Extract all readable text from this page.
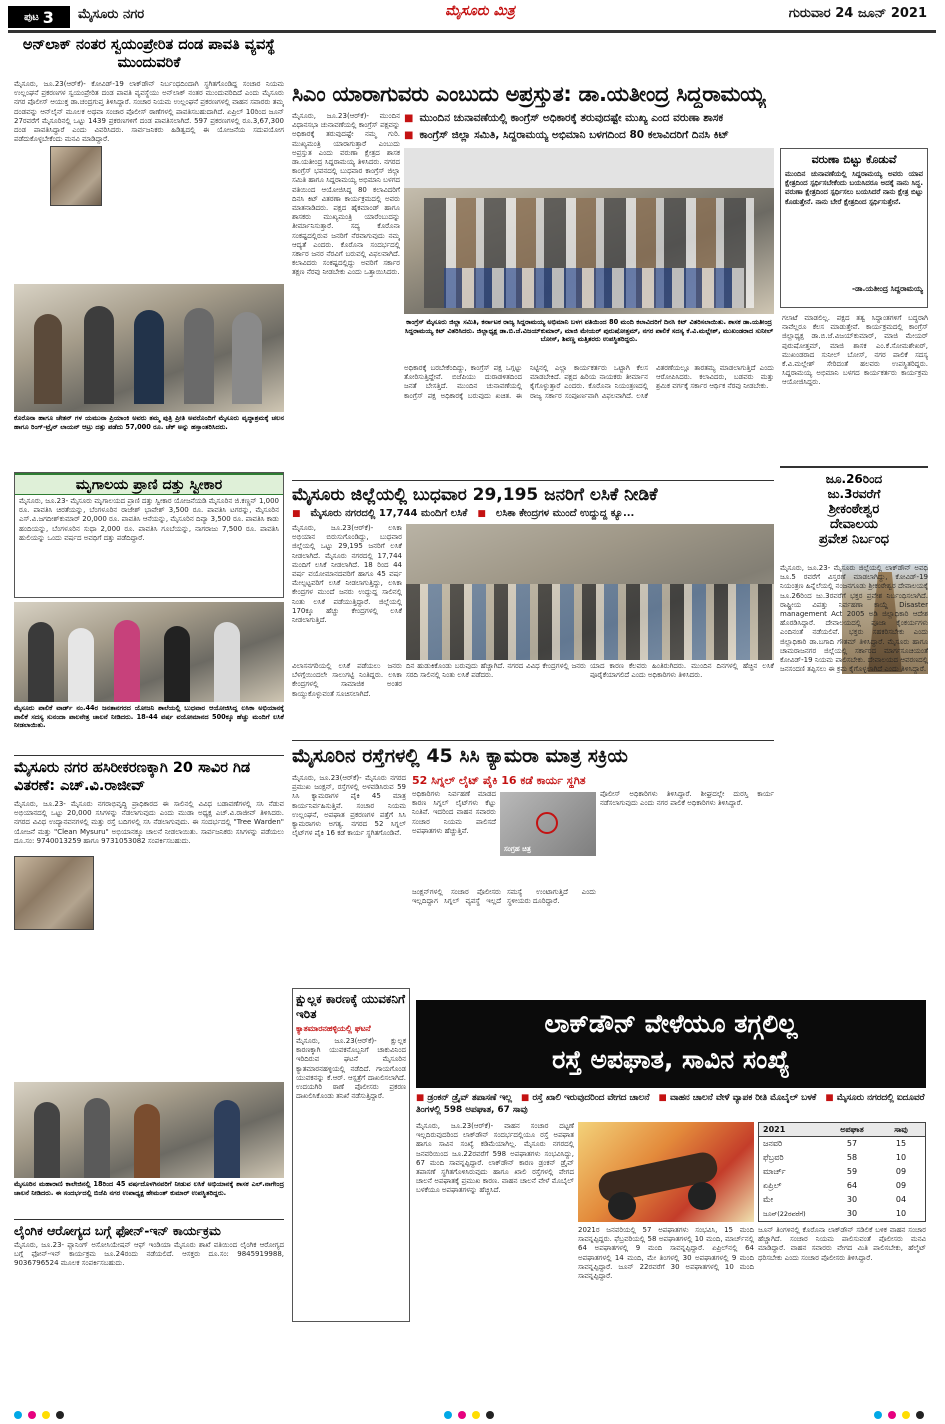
ಪುಟ 3 ಮೈಸೂರು ನಗರ	ಮೈಸೂರು ಮಿತ್ರ	ಗುರುವಾರ 24 ಜೂನ್ 2021
ಅನ್‌ಲಾಕ್ ನಂತರ ಸ್ವಯಂಪ್ರೇರಿತ ದಂಡ ಪಾವತಿ ವ್ಯವಸ್ಥೆ ಮುಂದುವರಿಕೆ
ಮೈಸೂರು, ಜೂ.23(ಆರ್‌ಕೆ)- ಕೋವಿಡ್-19 ಲಾಕ್‌ಡೌನ್ ನಿರ್ಬಂಧದಿಂದಾಗಿ ಸ್ಥಗಿತಗೊಂಡಿದ್ದ ಸಂಚಾರ ನಿಯಮ ಉಲ್ಲಂಘನೆ ಪ್ರಕರಣಗಳ ಸ್ವಯಂಪ್ರೇರಿತ ದಂಡ ಪಾವತಿ ವ್ಯವಸ್ಥೆಯು ಅನ್‌ಲಾಕ್ ನಂತರ ಮುಂದುವರಿದಿದೆ ಎಂದು ಮೈಸೂರು ನಗರ ಪೊಲೀಸ್ ಆಯುಕ್ತ ಡಾ.ಚಂದ್ರಗುಪ್ತ ತಿಳಿಸಿದ್ದಾರೆ. ಸಂಚಾರ ನಿಯಮ ಉಲ್ಲಂಘನೆ ಪ್ರಕರಣಗಳಲ್ಲಿ ವಾಹನ ಸವಾರರು ತಮ್ಮ ದಂಡವನ್ನು ಆನ್‌ಲೈನ್ ಮೂಲಕ ಅಥವಾ ಸಂಚಾರ ಪೊಲೀಸ್ ಠಾಣೆಗಳಲ್ಲಿ ಪಾವತಿಸಬಹುದಾಗಿದೆ. ಏಪ್ರಿಲ್ 10ರಿಂದ ಜೂನ್ 27ರವರೆಗೆ ಮೈಸೂರಿನಲ್ಲಿ ಒಟ್ಟು 1439 ಪ್ರಕರಣಗಳಿಗೆ ದಂಡ ಪಾವತಿಸಲಾಗಿದೆ. 597 ಪ್ರಕರಣಗಳಲ್ಲಿ ರೂ.3,67,300 ದಂಡ ಪಾವತಿಸಿದ್ದಾರೆ ಎಂದು ವಿವರಿಸಿದರು. ಸಾರ್ವಜನಿಕರು ಹಿಡಿತ್ವದಲ್ಲಿ ಈ ಯೋಜನೆಯ ಸದುಪಯೋಗ ಪಡೆದುಕೊಳ್ಳಬೇಕೆಂದು ಮನವಿ ಮಾಡಿದ್ದಾರೆ.
ಕೊರೊನಾ ಹಾಗೂ ಚೇತನ್ ಗಳ ಯಮುನಾ ಪ್ರಿಯಾಂಕಿ ಅವರು ತಮ್ಮ ಪುತ್ರಿ ಪ್ರೀತಿ ಅವರೊಂದಿಗೆ ಮೈಸೂರು ವೃದ್ಧಾಶ್ರಮಕ್ಕೆ ಚಲನ ಹಾಗೂ ರಿಂಗ್-ಟ್ರೈನ್ ಲಾಯನ್ ಆಟ್ರು ದತ್ತು ಪಡೆದು 57,000 ರೂ. ಚೆಕ್ ಅನ್ನು ಹಸ್ತಾಂತರಿಸಿದರು.
ಮೃಗಾಲಯ ಪ್ರಾಣಿ ದತ್ತು ಸ್ವೀಕಾರ
ಮೈಸೂರು, ಜೂ.23- ಮೈಸೂರು ಮೃಗಾಲಯದ ಪ್ರಾಣಿ ದತ್ತು ಸ್ವೀಕಾರ ಯೋಜನೆಯಡಿ ಮೈಸೂರಿನ ಜಿ.ಕಣ್ಣನ್ 1,000 ರೂ. ಪಾವತಿಸಿ ಚಿರತೆಯನ್ನು, ಬೆಂಗಳೂರಿನ ರಾಜೇಶ್ ಭಾವೇಶ್ 3,500 ರೂ. ಪಾವತಿಸಿ ಟಗರನ್ನು, ಮೈಸೂರಿನ ಎಸ್.ವಿ.ಜಗದೀಶ್‌ಕುಮಾರ್ 20,000 ರೂ. ಪಾವತಿಸಿ ಆನೆಯನ್ನು, ಮೈಸೂರಿನ ದಿವ್ಯಾ 3,500 ರೂ. ಪಾವತಿಸಿ ಕಾಡು ಹಂದಿಯನ್ನು, ಬೆಂಗಳೂರಿನ ಸುಧಾ 2,000 ರೂ. ಪಾವತಿಸಿ ಗೂಬೆಯನ್ನು, ನಾಗರಾಜು 7,500 ರೂ. ಪಾವತಿಸಿ ಹುಲಿಯನ್ನು ಒಂದು ವರ್ಷದ ಅವಧಿಗೆ ದತ್ತು ಪಡೆದಿದ್ದಾರೆ.
ಮೈಸೂರು ಪಾಲಿಕೆ ವಾರ್ಡ್ ನಂ.44ರ ಜನತಾನಗರದ ಯೋಜನಿ ಶಾಲೆಯಲ್ಲಿ ಬುಧವಾರ ಆಯೋಜಿಸಿದ್ದ ಲಸಿಕಾ ಅಭಿಯಾನಕ್ಕೆ ಪಾಲಿಕೆ ಸದಸ್ಯ ಸುನಂದಾ ಪಾಲನೇತ್ರ ಚಾಲನೆ ನೀಡಿದರು. 18-44 ವರ್ಷ ವಯೋಮಾನದ 500ಕ್ಕೂ ಹೆಚ್ಚು ಮಂದಿಗೆ ಲಸಿಕೆ ನೀಡಲಾಯಿತು.
ಮೈಸೂರು ನಗರ ಹಸಿರೀಕರಣಕ್ಕಾಗಿ 20 ಸಾವಿರ ಗಿಡ ವಿತರಣೆ: ಎಚ್.ವಿ.ರಾಜೀವ್
ಮೈಸೂರು, ಜೂ.23- ಮೈಸೂರು ನಗರಾಭಿವೃದ್ಧಿ ಪ್ರಾಧಿಕಾರದ ಈ ಸಾಲಿನಲ್ಲಿ ವಿವಿಧ ಬಡಾವಣೆಗಳಲ್ಲಿ ಸಸಿ ನೆಡುವ ಅಭಿಯಾನದಲ್ಲಿ ಒಟ್ಟು 20,000 ಸಸಿಗಳನ್ನು ನೆಡಲಾಗುವುದು ಎಂದು ಮುಡಾ ಅಧ್ಯಕ್ಷ ಎಚ್.ವಿ.ರಾಜೀವ್ ತಿಳಿಸಿದರು. ನಗರದ ವಿವಿಧ ಉದ್ಯಾನವನಗಳಲ್ಲಿ ಮತ್ತು ರಸ್ತೆ ಬದಿಗಳಲ್ಲಿ ಸಸಿ ನೆಡಲಾಗುವುದು. ಈ ಸಂದರ್ಭದಲ್ಲಿ "Tree Warden" ಯೋಜನೆ ಮತ್ತು "Clean Mysuru" ಅಭಿಯಾನಕ್ಕೂ ಚಾಲನೆ ನೀಡಲಾಯಿತು. ಸಾರ್ವಜನಿಕರು ಸಸಿಗಳನ್ನು ಪಡೆಯಲು ದೂ.ಸಂ: 9740013259 ಹಾಗೂ 9731053082 ಸಂಪರ್ಕಿಸಬಹುದು.
ಮೈಸೂರಿನ ಮಹಾರಾಣಿ ಕಾಲೇಜಿನಲ್ಲಿ 18ರಿಂದ 45 ವರ್ಷದೊಳಗಿನವರಿಗೆ ನೀಡುವ ಲಸಿಕೆ ಅಭಿಯಾನಕ್ಕೆ ಶಾಸಕ ಎಲ್.ನಾಗೇಂದ್ರ ಚಾಲನೆ ನೀಡಿದರು. ಈ ಸಂದರ್ಭದಲ್ಲಿ ಬಿಜೆಪಿ ನಗರ ಉಪಾಧ್ಯಕ್ಷ ಹೇಮಂತ್ ಕುಮಾರ್ ಉಪಸ್ಥಿತರಿದ್ದರು.
ಲೈಂಗಿಕ ಆರೋಗ್ಯದ ಬಗ್ಗೆ ಫೋನ್-ಇನ್ ಕಾರ್ಯಕ್ರಮ
ಮೈಸೂರು, ಜೂ.23- ಪ್ಲಾನಿಂಗ್ ಅಸೋಸಿಯೇಷನ್ ಆಫ್ ಇಂಡಿಯಾ ಮೈಸೂರು ಶಾಖೆ ವತಿಯಿಂದ ಲೈಂಗಿಕ ಆರೋಗ್ಯದ ಬಗ್ಗೆ ಫೋನ್-ಇನ್ ಕಾರ್ಯಕ್ರಮ ಜೂ.24ರಂದು ನಡೆಯಲಿದೆ. ಆಸಕ್ತರು ದೂ.ಸಂ: 9845919988, 9036796524 ಮೂಲಕ ಸಂಪರ್ಕಿಸಬಹುದು.
ಸಿಎಂ ಯಾರಾಗುವರು ಎಂಬುದು ಅಪ್ರಸ್ತುತ: ಡಾ.ಯತೀಂದ್ರ ಸಿದ್ದರಾಮಯ್ಯ
■ ಮುಂದಿನ ಚುನಾವಣೆಯಲ್ಲಿ ಕಾಂಗ್ರೆಸ್ ಅಧಿಕಾರಕ್ಕೆ ತರುವುದಷ್ಟೇ ಮುಖ್ಯ ಎಂದ ವರುಣಾ ಶಾಸಕ
■ ಕಾಂಗ್ರೆಸ್ ಜಿಲ್ಲಾ ಸಮಿತಿ, ಸಿದ್ದರಾಮಯ್ಯ ಅಭಿಮಾನಿ ಬಳಗದಿಂದ 80 ಕಲಾವಿದರಿಗೆ ದಿನಸಿ ಕಿಟ್
ಮೈಸೂರು, ಜೂ.23(ಆರ್‌ಕೆ)- ಮುಂದಿನ ವಿಧಾನಸಭಾ ಚುನಾವಣೆಯಲ್ಲಿ ಕಾಂಗ್ರೆಸ್ ಪಕ್ಷವನ್ನು ಅಧಿಕಾರಕ್ಕೆ ತರುವುದಷ್ಟೇ ನಮ್ಮ ಗುರಿ. ಮುಖ್ಯಮಂತ್ರಿ ಯಾರಾಗುತ್ತಾರೆ ಎಂಬುದು ಅಪ್ರಸ್ತುತ ಎಂದು ವರುಣಾ ಕ್ಷೇತ್ರದ ಶಾಸಕ ಡಾ.ಯತೀಂದ್ರ ಸಿದ್ದರಾಮಯ್ಯ ತಿಳಿಸಿದರು. ನಗರದ ಕಾಂಗ್ರೆಸ್ ಭವನದಲ್ಲಿ ಬುಧವಾರ ಕಾಂಗ್ರೆಸ್ ಜಿಲ್ಲಾ ಸಮಿತಿ ಹಾಗೂ ಸಿದ್ದರಾಮಯ್ಯ ಅಭಿಮಾನಿ ಬಳಗದ ವತಿಯಿಂದ ಆಯೋಜಿಸಿದ್ದ 80 ಕಲಾವಿದರಿಗೆ ದಿನಸಿ ಕಿಟ್ ವಿತರಣಾ ಕಾರ್ಯಕ್ರಮದಲ್ಲಿ ಅವರು ಮಾತನಾಡಿದರು. ಪಕ್ಷದ ಹೈಕಮಾಂಡ್ ಹಾಗೂ ಶಾಸಕರು ಮುಖ್ಯಮಂತ್ರಿ ಯಾರೆಂಬುದನ್ನು ತೀರ್ಮಾನಿಸುತ್ತಾರೆ. ಸದ್ಯ ಕೊರೊನಾ ಸಂಕಷ್ಟದಲ್ಲಿರುವ ಜನರಿಗೆ ನೆರವಾಗುವುದು ನಮ್ಮ ಆದ್ಯತೆ ಎಂದರು. ಕೊರೊನಾ ಸಂದರ್ಭದಲ್ಲಿ ಸರ್ಕಾರ ಜನರ ನೆರವಿಗೆ ಬರುವಲ್ಲಿ ವಿಫಲವಾಗಿದೆ. ಕಲಾವಿದರು ಸಂಕಷ್ಟದಲ್ಲಿದ್ದು ಅವರಿಗೆ ಸರ್ಕಾರ ತಕ್ಷಣ ನೆರವು ನೀಡಬೇಕು ಎಂದು ಒತ್ತಾಯಿಸಿದರು.
ಕಾಂಗ್ರೆಸ್ ಮೈಸೂರು ಜಿಲ್ಲಾ ಸಮಿತಿ, ಕರ್ನಾಟಕ ರಾಜ್ಯ ಸಿದ್ದರಾಮಯ್ಯ ಅಭಿಮಾನಿ ಬಳಗ ವತಿಯಿಂದ 80 ಮಂದಿ ಕಲಾವಿದರಿಗೆ ದಿನಸಿ ಕಿಟ್ ವಿತರಿಸಲಾಯಿತು. ಶಾಸಕ ಡಾ.ಯತೀಂದ್ರ ಸಿದ್ದರಾಮಯ್ಯ ಕಿಟ್ ವಿತರಿಸಿದರು. ಜಿಲ್ಲಾಧ್ಯಕ್ಷ ಡಾ.ಬಿ.ಜೆ.ವಿಜಯ್‌ಕುಮಾರ್, ಮಾಜಿ ಮೇಯರ್ ಪುರುಷೋತ್ತಮ್, ನಗರ ಪಾಲಿಕೆ ಸದಸ್ಯ ಕೆ.ವಿ.ಮಲ್ಲೇಶ್, ಮುಖಂಡರಾದ ಸುನೀಲ್ ಬೋಸ್, ಶಿವಣ್ಣ ಮತ್ತಿತರರು ಉಪಸ್ಥಿತರಿದ್ದರು.
ಅಧಿಕಾರಕ್ಕೆ ಬರಬೇಕೆಂದಿದ್ದು, ಕಾಂಗ್ರೆಸ್ ಪಕ್ಷ ಒಗ್ಗಟ್ಟು ತೋರಿಸುತ್ತಿದ್ದೇವೆ. ಬಿಜೆಪಿಯು ದುರಾಡಳಿತದಿಂದ ಜನತೆ ಬೇಸತ್ತಿದೆ. ಮುಂದಿನ ಚುನಾವಣೆಯಲ್ಲಿ ಕಾಂಗ್ರೆಸ್ ಪಕ್ಷ ಅಧಿಕಾರಕ್ಕೆ ಬರುವುದು ಖಚಿತ. ಈ ನಿಟ್ಟಿನಲ್ಲಿ ಎಲ್ಲಾ ಕಾರ್ಯಕರ್ತರು ಒಟ್ಟಾಗಿ ಕೆಲಸ ಮಾಡಬೇಕಿದೆ. ಪಕ್ಷದ ಹಿರಿಯ ನಾಯಕರು ತೀರ್ಮಾನ ಕೈಗೊಳ್ಳುತ್ತಾರೆ ಎಂದರು. ಕೊರೊನಾ ನಿಯಂತ್ರಣದಲ್ಲಿ ರಾಜ್ಯ ಸರ್ಕಾರ ಸಂಪೂರ್ಣವಾಗಿ ವಿಫಲವಾಗಿದೆ. ಲಸಿಕೆ ವಿತರಣೆಯಲ್ಲೂ ತಾರತಮ್ಯ ಮಾಡಲಾಗುತ್ತಿದೆ ಎಂದು ಆರೋಪಿಸಿದರು. ಕಲಾವಿದರು, ಬಡವರು ಮತ್ತು ಶ್ರಮಿಕ ವರ್ಗಕ್ಕೆ ಸರ್ಕಾರ ಆರ್ಥಿಕ ನೆರವು ನೀಡಬೇಕು.
ವರುಣಾ ಬಿಟ್ಟು ಕೊಡುವೆ
ಮುಂದಿನ ಚುನಾವಣೆಯಲ್ಲಿ ಸಿದ್ದರಾಮಯ್ಯ ಅವರು ಯಾವ ಕ್ಷೇತ್ರದಿಂದ ಸ್ಪರ್ಧಿಸಬೇಕೆಂದು ಬಯಸಿದರೂ ಅದಕ್ಕೆ ನಾನು ಸಿದ್ಧ. ವರುಣಾ ಕ್ಷೇತ್ರದಿಂದ ಸ್ಪರ್ಧಿಸಲು ಬಯಸಿದರೆ ನಾನು ಕ್ಷೇತ್ರ ಬಿಟ್ಟು ಕೊಡುತ್ತೇನೆ. ನಾನು ಬೇರೆ ಕ್ಷೇತ್ರದಿಂದ ಸ್ಪರ್ಧಿಸುತ್ತೇನೆ.
-ಡಾ.ಯತೀಂದ್ರ ಸಿದ್ದರಾಮಯ್ಯ
ಗಲಾಟೆ ಮಾಡಲಿಲ್ಲ. ಪಕ್ಷದ ತತ್ವ ಸಿದ್ಧಾಂತಗಳಿಗೆ ಬದ್ಧರಾಗಿ ನಾವೆಲ್ಲರೂ ಕೆಲಸ ಮಾಡುತ್ತೇವೆ. ಕಾರ್ಯಕ್ರಮದಲ್ಲಿ ಕಾಂಗ್ರೆಸ್ ಜಿಲ್ಲಾಧ್ಯಕ್ಷ ಡಾ.ಬಿ.ಜೆ.ವಿಜಯ್‌ಕುಮಾರ್, ಮಾಜಿ ಮೇಯರ್ ಪುರುಷೋತ್ತಮ್, ಮಾಜಿ ಶಾಸಕ ಎಂ.ಕೆ.ಸೋಮಶೇಖರ್, ಮುಖಂಡರಾದ ಸುನೀಲ್ ಬೋಸ್, ನಗರ ಪಾಲಿಕೆ ಸದಸ್ಯ ಕೆ.ವಿ.ಮಲ್ಲೇಶ್ ಸೇರಿದಂತೆ ಹಲವರು ಉಪಸ್ಥಿತರಿದ್ದರು. ಸಿದ್ದರಾಮಯ್ಯ ಅಭಿಮಾನಿ ಬಳಗದ ಕಾರ್ಯಕರ್ತರು ಕಾರ್ಯಕ್ರಮ ಆಯೋಜಿಸಿದ್ದರು.
ಮೈಸೂರು ಜಿಲ್ಲೆಯಲ್ಲಿ ಬುಧವಾರ 29,195 ಜನರಿಗೆ ಲಸಿಕೆ ನೀಡಿಕೆ
■ ಮೈಸೂರು ನಗರದಲ್ಲಿ 17,744 ಮಂದಿಗೆ ಲಸಿಕೆ ■ ಲಸಿಕಾ ಕೇಂದ್ರಗಳ ಮುಂದೆ ಉದ್ದುದ್ದ ಕ್ಯೂ...
ಮೈಸೂರು, ಜೂ.23(ಆರ್‌ಕೆ)- ಲಸಿಕಾ ಅಭಿಯಾನ ಬಿರುಸುಗೊಂಡಿದ್ದು, ಬುಧವಾರ ಜಿಲ್ಲೆಯಲ್ಲಿ ಒಟ್ಟು 29,195 ಜನರಿಗೆ ಲಸಿಕೆ ನೀಡಲಾಗಿದೆ. ಮೈಸೂರು ನಗರದಲ್ಲಿ 17,744 ಮಂದಿಗೆ ಲಸಿಕೆ ನೀಡಲಾಗಿದೆ. 18 ರಿಂದ 44 ವರ್ಷ ವಯೋಮಾನದವರಿಗೆ ಹಾಗೂ 45 ವರ್ಷ ಮೇಲ್ಪಟ್ಟವರಿಗೆ ಲಸಿಕೆ ನೀಡಲಾಗುತ್ತಿದ್ದು, ಲಸಿಕಾ ಕೇಂದ್ರಗಳ ಮುಂದೆ ಜನರು ಉದ್ದುದ್ದ ಸಾಲಿನಲ್ಲಿ ನಿಂತು ಲಸಿಕೆ ಪಡೆಯುತ್ತಿದ್ದಾರೆ. ಜಿಲ್ಲೆಯಲ್ಲಿ 170ಕ್ಕೂ ಹೆಚ್ಚು ಕೇಂದ್ರಗಳಲ್ಲಿ ಲಸಿಕೆ ನೀಡಲಾಗುತ್ತಿದೆ.
ವಿಲಾಸನಗರಿಯಲ್ಲಿ ಲಸಿಕೆ ಪಡೆಯಲು ಜನರು ಬೆಳಗ್ಗೆಯಿಂದಲೇ ಸಾಲುಗಟ್ಟಿ ನಿಂತಿದ್ದರು. ಲಸಿಕಾ ಕೇಂದ್ರಗಳಲ್ಲಿ ಸಾಮಾಜಿಕ ಅಂತರ ಕಾಯ್ದುಕೊಳ್ಳುವಂತೆ ಸೂಚಿಸಲಾಗಿದೆ.
ದಿನ ಹುಡುಕಿಕೊಂಡು ಬರುವುದು ಹೆಚ್ಚಾಗಿದೆ. ನಗರದ ವಿವಿಧ ಕೇಂದ್ರಗಳಲ್ಲಿ ಜನರು ಸರದಿ ಸಾಲಿನಲ್ಲಿ ನಿಂತು ಲಸಿಕೆ ಪಡೆದರು.
ಯಾದ ಕಾರಣ ಕೆಲವರು ಹಿಂತಿರುಗಿದರು. ಮುಂದಿನ ದಿನಗಳಲ್ಲಿ ಹೆಚ್ಚಿನ ಲಸಿಕೆ ಪೂರೈಕೆಯಾಗಲಿದೆ ಎಂದು ಅಧಿಕಾರಿಗಳು ತಿಳಿಸಿದರು.
ಜೂ.26ರಿಂದ
ಜು.3ರವರೆಗೆ
ಶ್ರೀಕಂಠೇಶ್ವರ
ದೇವಾಲಯ
ಪ್ರವೇಶ ನಿರ್ಬಂಧ
ಮೈಸೂರು, ಜೂ.23- ಮೈಸೂರು ಜಿಲ್ಲೆಯಲ್ಲಿ ಲಾಕ್‌ಡೌನ್ ಅವಧಿ ಜೂ.5 ರವರೆಗೆ ವಿಸ್ತರಣೆ ಮಾಡಲಾಗಿದ್ದು, ಕೋವಿಡ್-19 ನಿಯಂತ್ರಣ ಹಿನ್ನೆಲೆಯಲ್ಲಿ ನಂಜನಗೂಡು ಶ್ರೀಕಂಠೇಶ್ವರ ದೇವಾಲಯಕ್ಕೆ ಜೂ.26ರಿಂದ ಜು.3ರವರೆಗೆ ಭಕ್ತರ ಪ್ರವೇಶ ನಿರ್ಬಂಧಿಸಲಾಗಿದೆ. ರಾಷ್ಟ್ರೀಯ ವಿಪತ್ತು ನಿರ್ವಹಣಾ ಕಾಯ್ದೆ Disaster management Act 2005 ಅಡಿ ಜಿಲ್ಲಾಧಿಕಾರಿ ಆದೇಶ ಹೊರಡಿಸಿದ್ದಾರೆ. ದೇವಾಲಯದಲ್ಲಿ ಪೂಜಾ ಕೈಂಕರ್ಯಗಳು ಎಂದಿನಂತೆ ನಡೆಯಲಿವೆ. ಭಕ್ತರು ಸಹಕರಿಸಬೇಕು ಎಂದು ಜಿಲ್ಲಾಧಿಕಾರಿ ಡಾ.ಬಗಾದಿ ಗೌತಮ್ ತಿಳಿಸಿದ್ದಾರೆ. ಮೈಸೂರು ಹಾಗೂ ಚಾಮರಾಜನಗರ ಜಿಲ್ಲೆಯಲ್ಲಿ ಸರ್ಕಾರದ ಮಾರ್ಗಸೂಚಿಯಂತೆ ಕೋವಿಡ್-19 ನಿಯಮ ಪಾಲಿಸಬೇಕು. ದೇವಾಲಯದ ಆವರಣದಲ್ಲಿ ಜನಸಂದಣಿ ತಪ್ಪಿಸಲು ಈ ಕ್ರಮ ಕೈಗೊಳ್ಳಲಾಗಿದೆ ಎಂದು ತಿಳಿಸಿದ್ದಾರೆ.
ಮೈಸೂರಿನ ರಸ್ತೆಗಳಲ್ಲಿ 45 ಸಿಸಿ ಕ್ಯಾಮರಾ ಮಾತ್ರ ಸಕ್ರಿಯ
ಮೈಸೂರು, ಜೂ.23(ಆರ್‌ಕೆ)- ಮೈಸೂರು ನಗರದ ಪ್ರಮುಖ ಜಂಕ್ಷನ್, ರಸ್ತೆಗಳಲ್ಲಿ ಅಳವಡಿಸಿರುವ 59 ಸಿಸಿ ಕ್ಯಾಮರಾಗಳ ಪೈಕಿ 45 ಮಾತ್ರ ಕಾರ್ಯನಿರ್ವಹಿಸುತ್ತಿವೆ. ಸಂಚಾರ ನಿಯಮ ಉಲ್ಲಂಘನೆ, ಅಪಘಾತ ಪ್ರಕರಣಗಳ ಪತ್ತೆಗೆ ಸಿಸಿ ಕ್ಯಾಮರಾಗಳು ಅಗತ್ಯ. ನಗರದ 52 ಸಿಗ್ನಲ್ ಲೈಟ್‌ಗಳ ಪೈಕಿ 16 ಕಡೆ ಕಾರ್ಯ ಸ್ಥಗಿತಗೊಂಡಿವೆ.
52 ಸಿಗ್ನಲ್ ಲೈಟ್ ಪೈಕಿ 16 ಕಡೆ ಕಾರ್ಯ ಸ್ಥಗಿತ
ಅಧಿಕಾರಿಗಳು ನಿರ್ವಹಣೆ ಮಾಡದ ಕಾರಣ ಸಿಗ್ನಲ್ ಲೈಟ್‌ಗಳು ಕೆಟ್ಟು ನಿಂತಿವೆ. ಇದರಿಂದ ವಾಹನ ಸವಾರರು ಸಂಚಾರ ನಿಯಮ ಪಾಲಿಸದೆ ಅಪಘಾತಗಳು ಹೆಚ್ಚುತ್ತಿವೆ.
ಸಂಗ್ರಹ ಚಿತ್ರ
ಜಂಕ್ಷನ್‌ಗಳಲ್ಲಿ ಸಂಚಾರ ಪೊಲೀಸರು ಇಲ್ಲದಿದ್ದಾಗ ಸಿಗ್ನಲ್ ವ್ಯವಸ್ಥೆ ಇಲ್ಲದೆ ಸಮಸ್ಯೆ ಉಂಟಾಗುತ್ತಿದೆ ಎಂದು ಸ್ಥಳೀಯರು ದೂರಿದ್ದಾರೆ.
ಪೊಲೀಸ್ ಅಧಿಕಾರಿಗಳು ತಿಳಿಸಿದ್ದಾರೆ. ಶೀಘ್ರದಲ್ಲೇ ದುರಸ್ತಿ ಕಾರ್ಯ ನಡೆಸಲಾಗುವುದು ಎಂದು ನಗರ ಪಾಲಿಕೆ ಅಧಿಕಾರಿಗಳು ತಿಳಿಸಿದ್ದಾರೆ.
ಕ್ಷುಲ್ಲಕ ಕಾರಣಕ್ಕೆ ಯುವಕನಿಗೆ ಇರಿತ
ಕ್ಯಾತಮಾರನಹಳ್ಳಿಯಲ್ಲಿ ಘಟನೆ
ಮೈಸೂರು, ಜೂ.23(ಆರ್‌ಕೆ)- ಕ್ಷುಲ್ಲಕ ಕಾರಣಕ್ಕಾಗಿ ಯುವಕನೊಬ್ಬನಿಗೆ ಚಾಕುವಿನಿಂದ ಇರಿದಿರುವ ಘಟನೆ ಮೈಸೂರಿನ ಕ್ಯಾತಮಾರನಹಳ್ಳಿಯಲ್ಲಿ ನಡೆದಿದೆ. ಗಾಯಗೊಂಡ ಯುವಕನನ್ನು ಕೆ.ಆರ್. ಆಸ್ಪತ್ರೆಗೆ ದಾಖಲಿಸಲಾಗಿದೆ. ಉದಯಗಿರಿ ಠಾಣೆ ಪೊಲೀಸರು ಪ್ರಕರಣ ದಾಖಲಿಸಿಕೊಂಡು ತನಿಖೆ ನಡೆಸುತ್ತಿದ್ದಾರೆ.
ಲಾಕ್‌ಡೌನ್ ವೇಳೆಯೂ ತಗ್ಗಲಿಲ್ಲ
ರಸ್ತೆ ಅಪಘಾತ, ಸಾವಿನ ಸಂಖ್ಯೆ
■ ಡ್ರಂಕನ್ ಡ್ರೈವ್ ತಪಾಸಣೆ ಇಲ್ಲ ■ ರಸ್ತೆ ಖಾಲಿ ಇರುವುದರಿಂದ ವೇಗದ ಚಾಲನೆ ■ ವಾಹನ ಚಾಲನೆ ವೇಳೆ ವ್ಯಾಪಕ ರೀತಿ ಮೊಬೈಲ್ ಬಳಕೆ ■ ಮೈಸೂರು ನಗರದಲ್ಲಿ ಐದೂವರೆ ತಿಂಗಳಲ್ಲಿ 598 ಅಪಘಾತ, 67 ಸಾವು
ಮೈಸೂರು, ಜೂ.23(ಆರ್‌ಕೆ)- ವಾಹನ ಸಂಚಾರ ದಟ್ಟಣೆ ಇಲ್ಲದಿರುವುದರಿಂದ ಲಾಕ್‌ಡೌನ್ ಸಂದರ್ಭದಲ್ಲಿಯೂ ರಸ್ತೆ ಅಪಘಾತ ಹಾಗೂ ಸಾವಿನ ಸಂಖ್ಯೆ ಕಡಿಮೆಯಾಗಿಲ್ಲ. ಮೈಸೂರು ನಗರದಲ್ಲಿ ಜನವರಿಯಿಂದ ಜೂ.22ರವರೆಗೆ 598 ಅಪಘಾತಗಳು ಸಂಭವಿಸಿದ್ದು, 67 ಮಂದಿ ಸಾವನ್ನಪ್ಪಿದ್ದಾರೆ. ಲಾಕ್‌ಡೌನ್ ಕಾರಣ ಡ್ರಂಕನ್ ಡ್ರೈವ್ ತಪಾಸಣೆ ಸ್ಥಗಿತಗೊಳಿಸಿರುವುದು ಹಾಗೂ ಖಾಲಿ ರಸ್ತೆಗಳಲ್ಲಿ ವೇಗದ ಚಾಲನೆ ಅಪಘಾತಕ್ಕೆ ಪ್ರಮುಖ ಕಾರಣ. ವಾಹನ ಚಾಲನೆ ವೇಳೆ ಮೊಬೈಲ್ ಬಳಕೆಯೂ ಅಪಘಾತಗಳನ್ನು ಹೆಚ್ಚಿಸಿದೆ.
2021ರ ಜನವರಿಯಲ್ಲಿ 57 ಅಪಘಾತಗಳು ಸಂಭವಿಸಿ, 15 ಮಂದಿ ಸಾವನ್ನಪ್ಪಿದ್ದರು. ಫೆಬ್ರವರಿಯಲ್ಲಿ 58 ಅಪಘಾತಗಳಲ್ಲಿ 10 ಮಂದಿ, ಮಾರ್ಚ್‌ನಲ್ಲಿ 64 ಅಪಘಾತಗಳಲ್ಲಿ 9 ಮಂದಿ ಸಾವನ್ನಪ್ಪಿದ್ದಾರೆ. ಏಪ್ರಿಲ್‌ನಲ್ಲಿ 64 ಅಪಘಾತಗಳಲ್ಲಿ 14 ಮಂದಿ, ಮೇ ತಿಂಗಳಲ್ಲಿ 30 ಅಪಘಾತಗಳಲ್ಲಿ 9 ಮಂದಿ ಸಾವನ್ನಪ್ಪಿದ್ದಾರೆ. ಜೂನ್ 22ರವರೆಗೆ 30 ಅಪಘಾತಗಳಲ್ಲಿ 10 ಮಂದಿ ಸಾವನ್ನಪ್ಪಿದ್ದಾರೆ.
2021	ಅಪಘಾತ	ಸಾವು
ಜನವರಿ	57	15
ಫೆಬ್ರವರಿ	58	10
ಮಾರ್ಚ್	59	09
ಏಪ್ರಿಲ್	64	09
ಮೇ	30	04
ಜೂನ್(22ರವರೆಗೆ)	30	10
ಜೂನ್ ತಿಂಗಳಿನಲ್ಲಿ ಕೊರೊನಾ ಲಾಕ್‌ಡೌನ್ ಸಡಿಲಿಕೆ ಬಳಿಕ ವಾಹನ ಸಂಚಾರ ಹೆಚ್ಚಾಗಿದೆ. ಸಂಚಾರ ನಿಯಮ ಪಾಲಿಸುವಂತೆ ಪೊಲೀಸರು ಮನವಿ ಮಾಡಿದ್ದಾರೆ. ವಾಹನ ಸವಾರರು ವೇಗದ ಮಿತಿ ಪಾಲಿಸಬೇಕು, ಹೆಲ್ಮೆಟ್ ಧರಿಸಬೇಕು ಎಂದು ಸಂಚಾರ ಪೊಲೀಸರು ತಿಳಿಸಿದ್ದಾರೆ.
